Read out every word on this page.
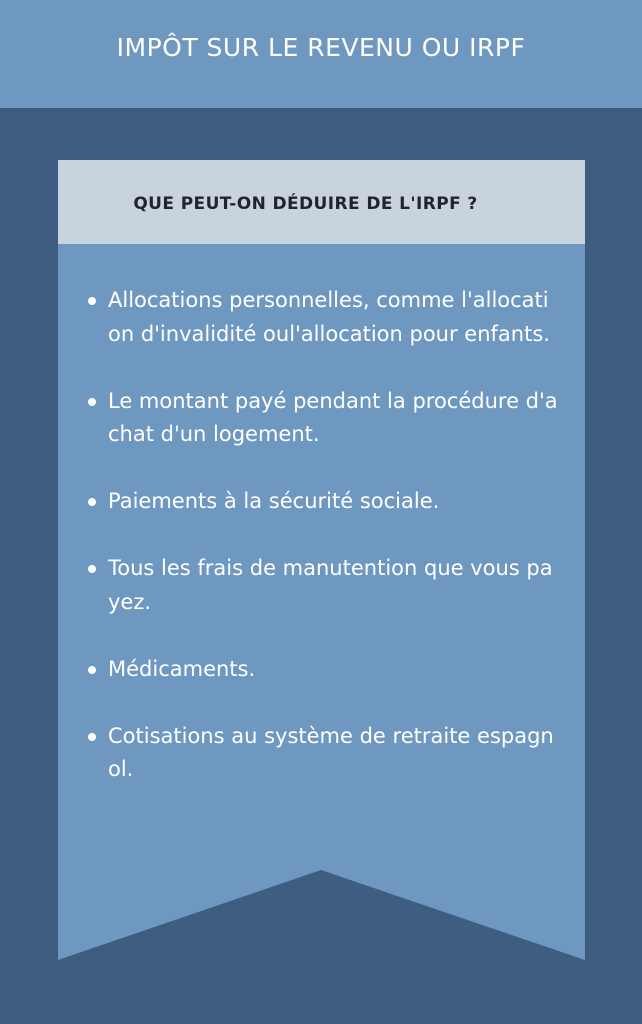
IMPÔT SUR LE REVENU OU IRPF
QUE PEUT-ON DÉDUIRE DE L'IRPF ?
Allocations personnelles, comme l'allocation d'invalidité oul'allocation pour enfants.
Le montant payé pendant la procédure d'achat d'un logement.
Paiements à la sécurité sociale.
Tous les frais de manutention que vous payez.
Médicaments.
Cotisations au système de retraite espagnol.
